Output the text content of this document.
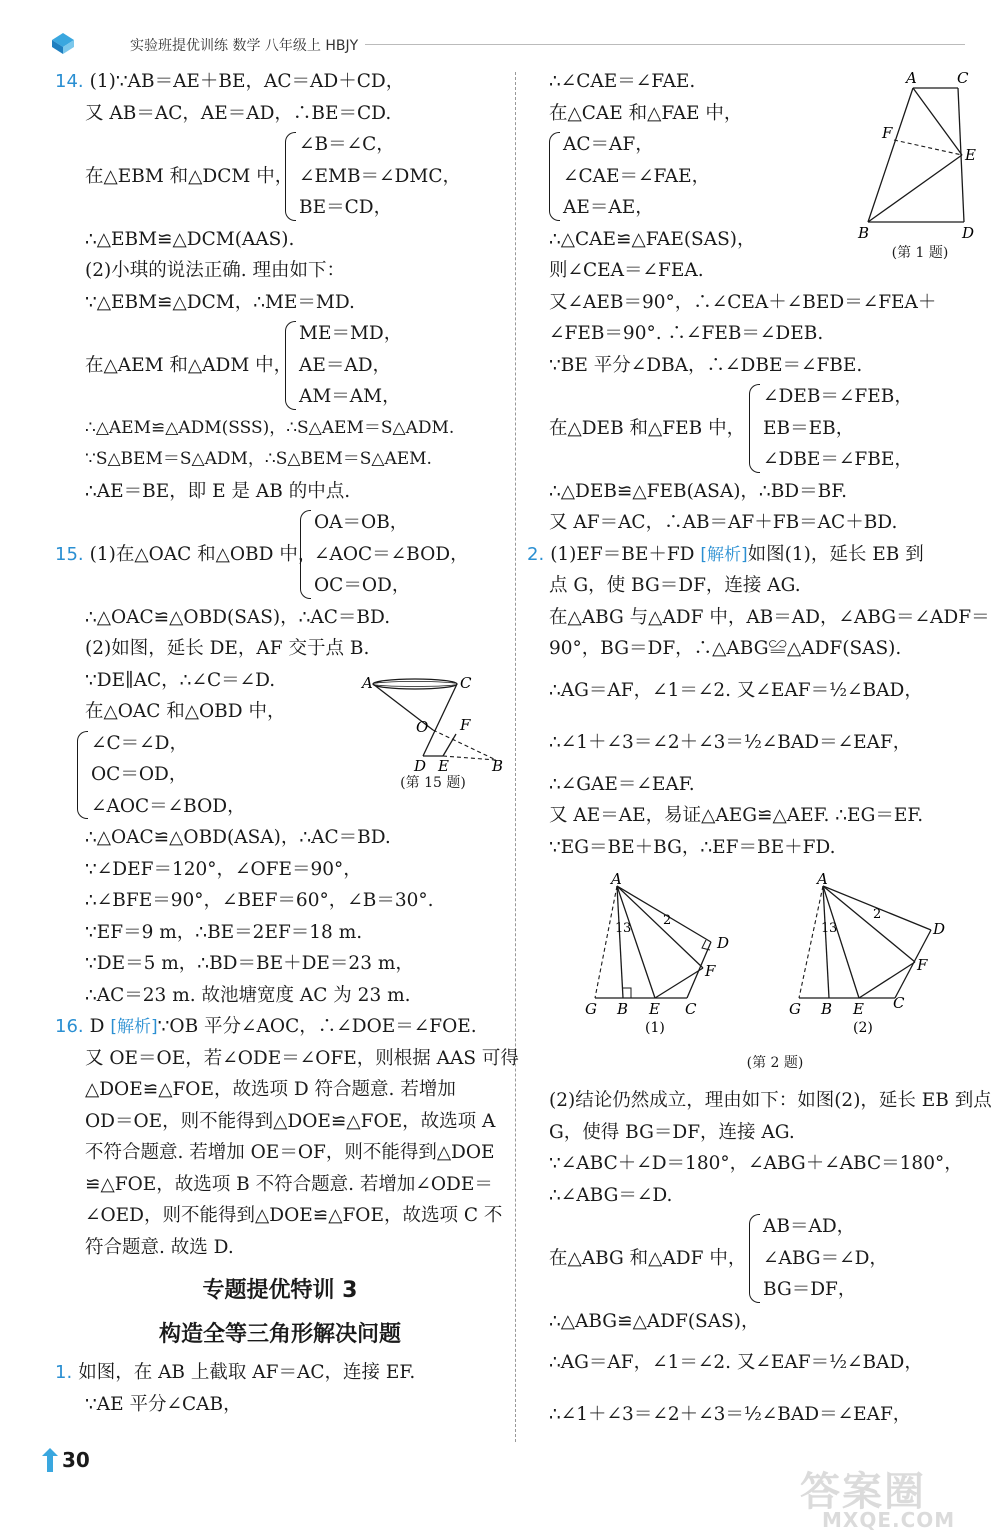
实验班提优训练 数学 八年级上 HBJY
14. (1)∵AB＝AE＋BE，AC＝AD＋CD，
又 AB＝AC，AE＝AD，∴BE＝CD.
在△EBM 和△DCM 中，
∠B＝∠C，
∠EMB＝∠DMC，
BE＝CD，
∴△EBM≌△DCM(AAS).
(2)小琪的说法正确. 理由如下：
∵△EBM≌△DCM，∴ME＝MD.
在△AEM 和△ADM 中，
ME＝MD，
AE＝AD，
AM＝AM，
∴△AEM≌△ADM(SSS)，∴S△AEM＝S△ADM.
∵S△BEM＝S△ADM，∴S△BEM＝S△AEM.
∴AE＝BE，即 E 是 AB 的中点.
15. (1)在△OAC 和△OBD 中，
OA＝OB，
∠AOC＝∠BOD，
OC＝OD，
∴△OAC≌△OBD(SAS)，∴AC＝BD.
(2)如图，延长 DE，AF 交于点 B.
∵DE∥AC，∴∠C＝∠D.
在△OAC 和△OBD 中，
∠C＝∠D，
OC＝OD，
∠AOC＝∠BOD，
∴△OAC≌△OBD(ASA)，∴AC＝BD.
∵∠DEF＝120°，∠OFE＝90°，
∴∠BFE＝90°，∠BEF＝60°，∠B＝30°.
∵EF＝9 m，∴BE＝2EF＝18 m.
∵DE＝5 m，∴BD＝BE＋DE＝23 m，
∴AC＝23 m. 故池塘宽度 AC 为 23 m.
16. D [解析]∵OB 平分∠AOC，∴∠DOE＝∠FOE.
又 OE＝OE，若∠ODE＝∠OFE，则根据 AAS 可得
△DOE≌△FOE，故选项 D 符合题意. 若增加
OD＝OE，则不能得到△DOE≌△FOE，故选项 A
不符合题意. 若增加 OE＝OF，则不能得到△DOE
≌△FOE，故选项 B 不符合题意. 若增加∠ODE＝
∠OED，则不能得到△DOE≌△FOE，故选项 C 不
符合题意. 故选 D.
专题提优特训 3
构造全等三角形解决问题
1. 如图，在 AB 上截取 AF＝AC，连接 EF.
∵AE 平分∠CAB，
A	C
O F
D E	B
(第 15 题)
∴∠CAE＝∠FAE.
在△CAE 和△FAE 中，
AC＝AF，
∠CAE＝∠FAE，
AE＝AE，
∴△CAE≌△FAE(SAS)，
则∠CEA＝∠FEA.
又∠AEB＝90°，∴∠CEA＋∠BED＝∠FEA＋
∠FEB＝90°. ∴∠FEB＝∠DEB.
∵BE 平分∠DBA，∴∠DBE＝∠FBE.
在△DEB 和△FEB 中，
∠DEB＝∠FEB，
EB＝EB，
∠DBE＝∠FBE，
∴△DEB≌△FEB(ASA)，∴BD＝BF.
又 AF＝AC，∴AB＝AF＋FB＝AC＋BD.
2. (1)EF＝BE＋FD [解析]如图(1)，延长 EB 到
点 G，使 BG＝DF，连接 AG.
在△ABG 与△ADF 中，AB＝AD，∠ABG＝∠ADF＝
90°，BG＝DF，∴△ABG≌△ADF(SAS).
∴AG＝AF，∠1＝∠2. 又∠EAF＝½∠BAD，
∴∠1＋∠3＝∠2＋∠3＝½∠BAD＝∠EAF，
∴∠GAE＝∠EAF.
又 AE＝AE，易证△AEG≌△AEF. ∴EG＝EF.
∵EG＝BE＋BG，∴EF＝BE＋FD.
(2)结论仍然成立，理由如下：如图(2)，延长 EB 到点
G，使得 BG＝DF，连接 AG.
∵∠ABC＋∠D＝180°，∠ABG＋∠ABC＝180°，
∴∠ABG＝∠D.
在△ABG 和△ADF 中，
AB＝AD，
∠ABG＝∠D，
BG＝DF，
∴△ABG≌△ADF(SAS)，
∴AG＝AF，∠1＝∠2. 又∠EAF＝½∠BAD，
∴∠1＋∠3＝∠2＋∠3＝½∠BAD＝∠EAF，
A	C
F
E
B	D
(第 1 题)
A
D
F
G B E C
1 3
2
(1)
A
D
F
G B E C
1 3
2
(2)
(第 2 题)
30
答案圈
MXQE.COM
